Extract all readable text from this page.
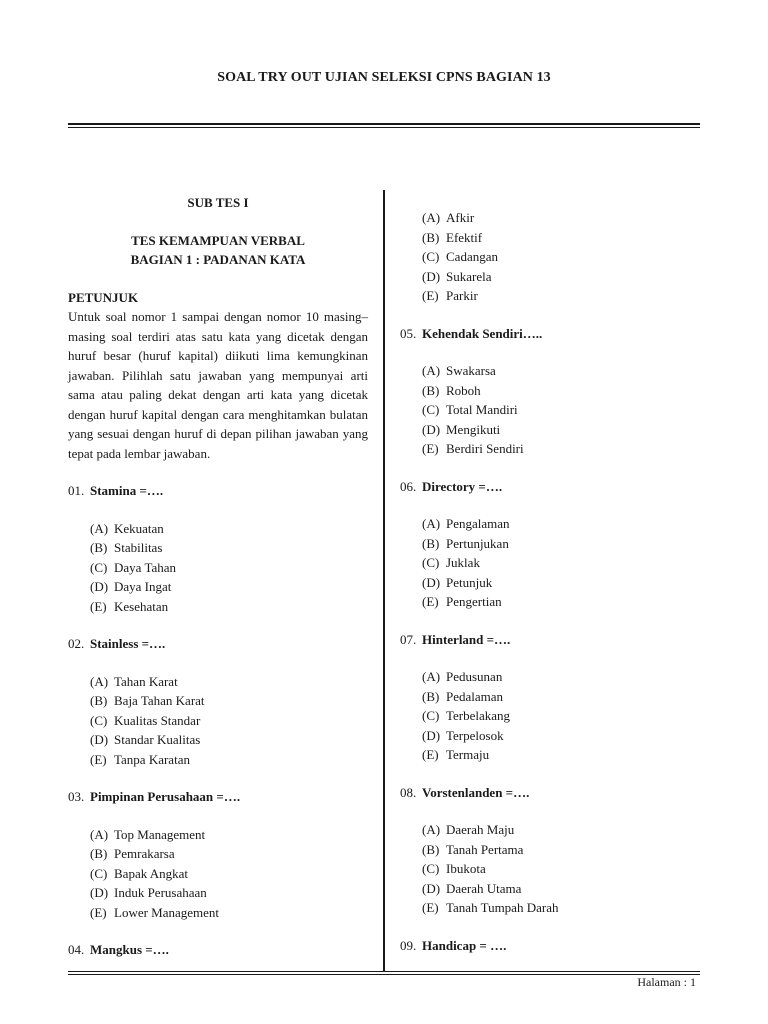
SOAL TRY OUT UJIAN SELEKSI CPNS BAGIAN 13
SUB TES I
TES KEMAMPUAN VERBAL
BAGIAN 1 : PADANAN KATA
PETUNJUK
Untuk soal nomor 1 sampai dengan nomor 10 masing–masing soal terdiri atas satu kata yang dicetak dengan huruf besar (huruf kapital) diikuti lima kemungkinan jawaban. Pilihlah satu jawaban yang mempunyai arti sama atau paling dekat dengan arti kata yang dicetak dengan huruf kapital dengan cara menghitamkan bulatan yang sesuai dengan huruf di depan pilihan jawaban yang tepat pada lembar jawaban.
01. Stamina =….
(A) Kekuatan
(B) Stabilitas
(C) Daya Tahan
(D) Daya Ingat
(E) Kesehatan
02. Stainless =….
(A) Tahan Karat
(B) Baja Tahan Karat
(C) Kualitas Standar
(D) Standar Kualitas
(E) Tanpa Karatan
03. Pimpinan Perusahaan =….
(A) Top Management
(B) Pemrakarsa
(C) Bapak Angkat
(D) Induk Perusahaan
(E) Lower Management
04. Mangkus =….
(A) Afkir
(B) Efektif
(C) Cadangan
(D) Sukarela
(E) Parkir
05. Kehendak Sendiri…..
(A) Swakarsa
(B) Roboh
(C) Total Mandiri
(D) Mengikuti
(E) Berdiri Sendiri
06. Directory =….
(A) Pengalaman
(B) Pertunjukan
(C) Juklak
(D) Petunjuk
(E) Pengertian
07. Hinterland =….
(A) Pedusunan
(B) Pedalaman
(C) Terbelakang
(D) Terpelosok
(E) Termaju
08. Vorstenlanden =….
(A) Daerah Maju
(B) Tanah Pertama
(C) Ibukota
(D) Daerah Utama
(E) Tanah Tumpah Darah
09. Handicap = ….
Halaman : 1
